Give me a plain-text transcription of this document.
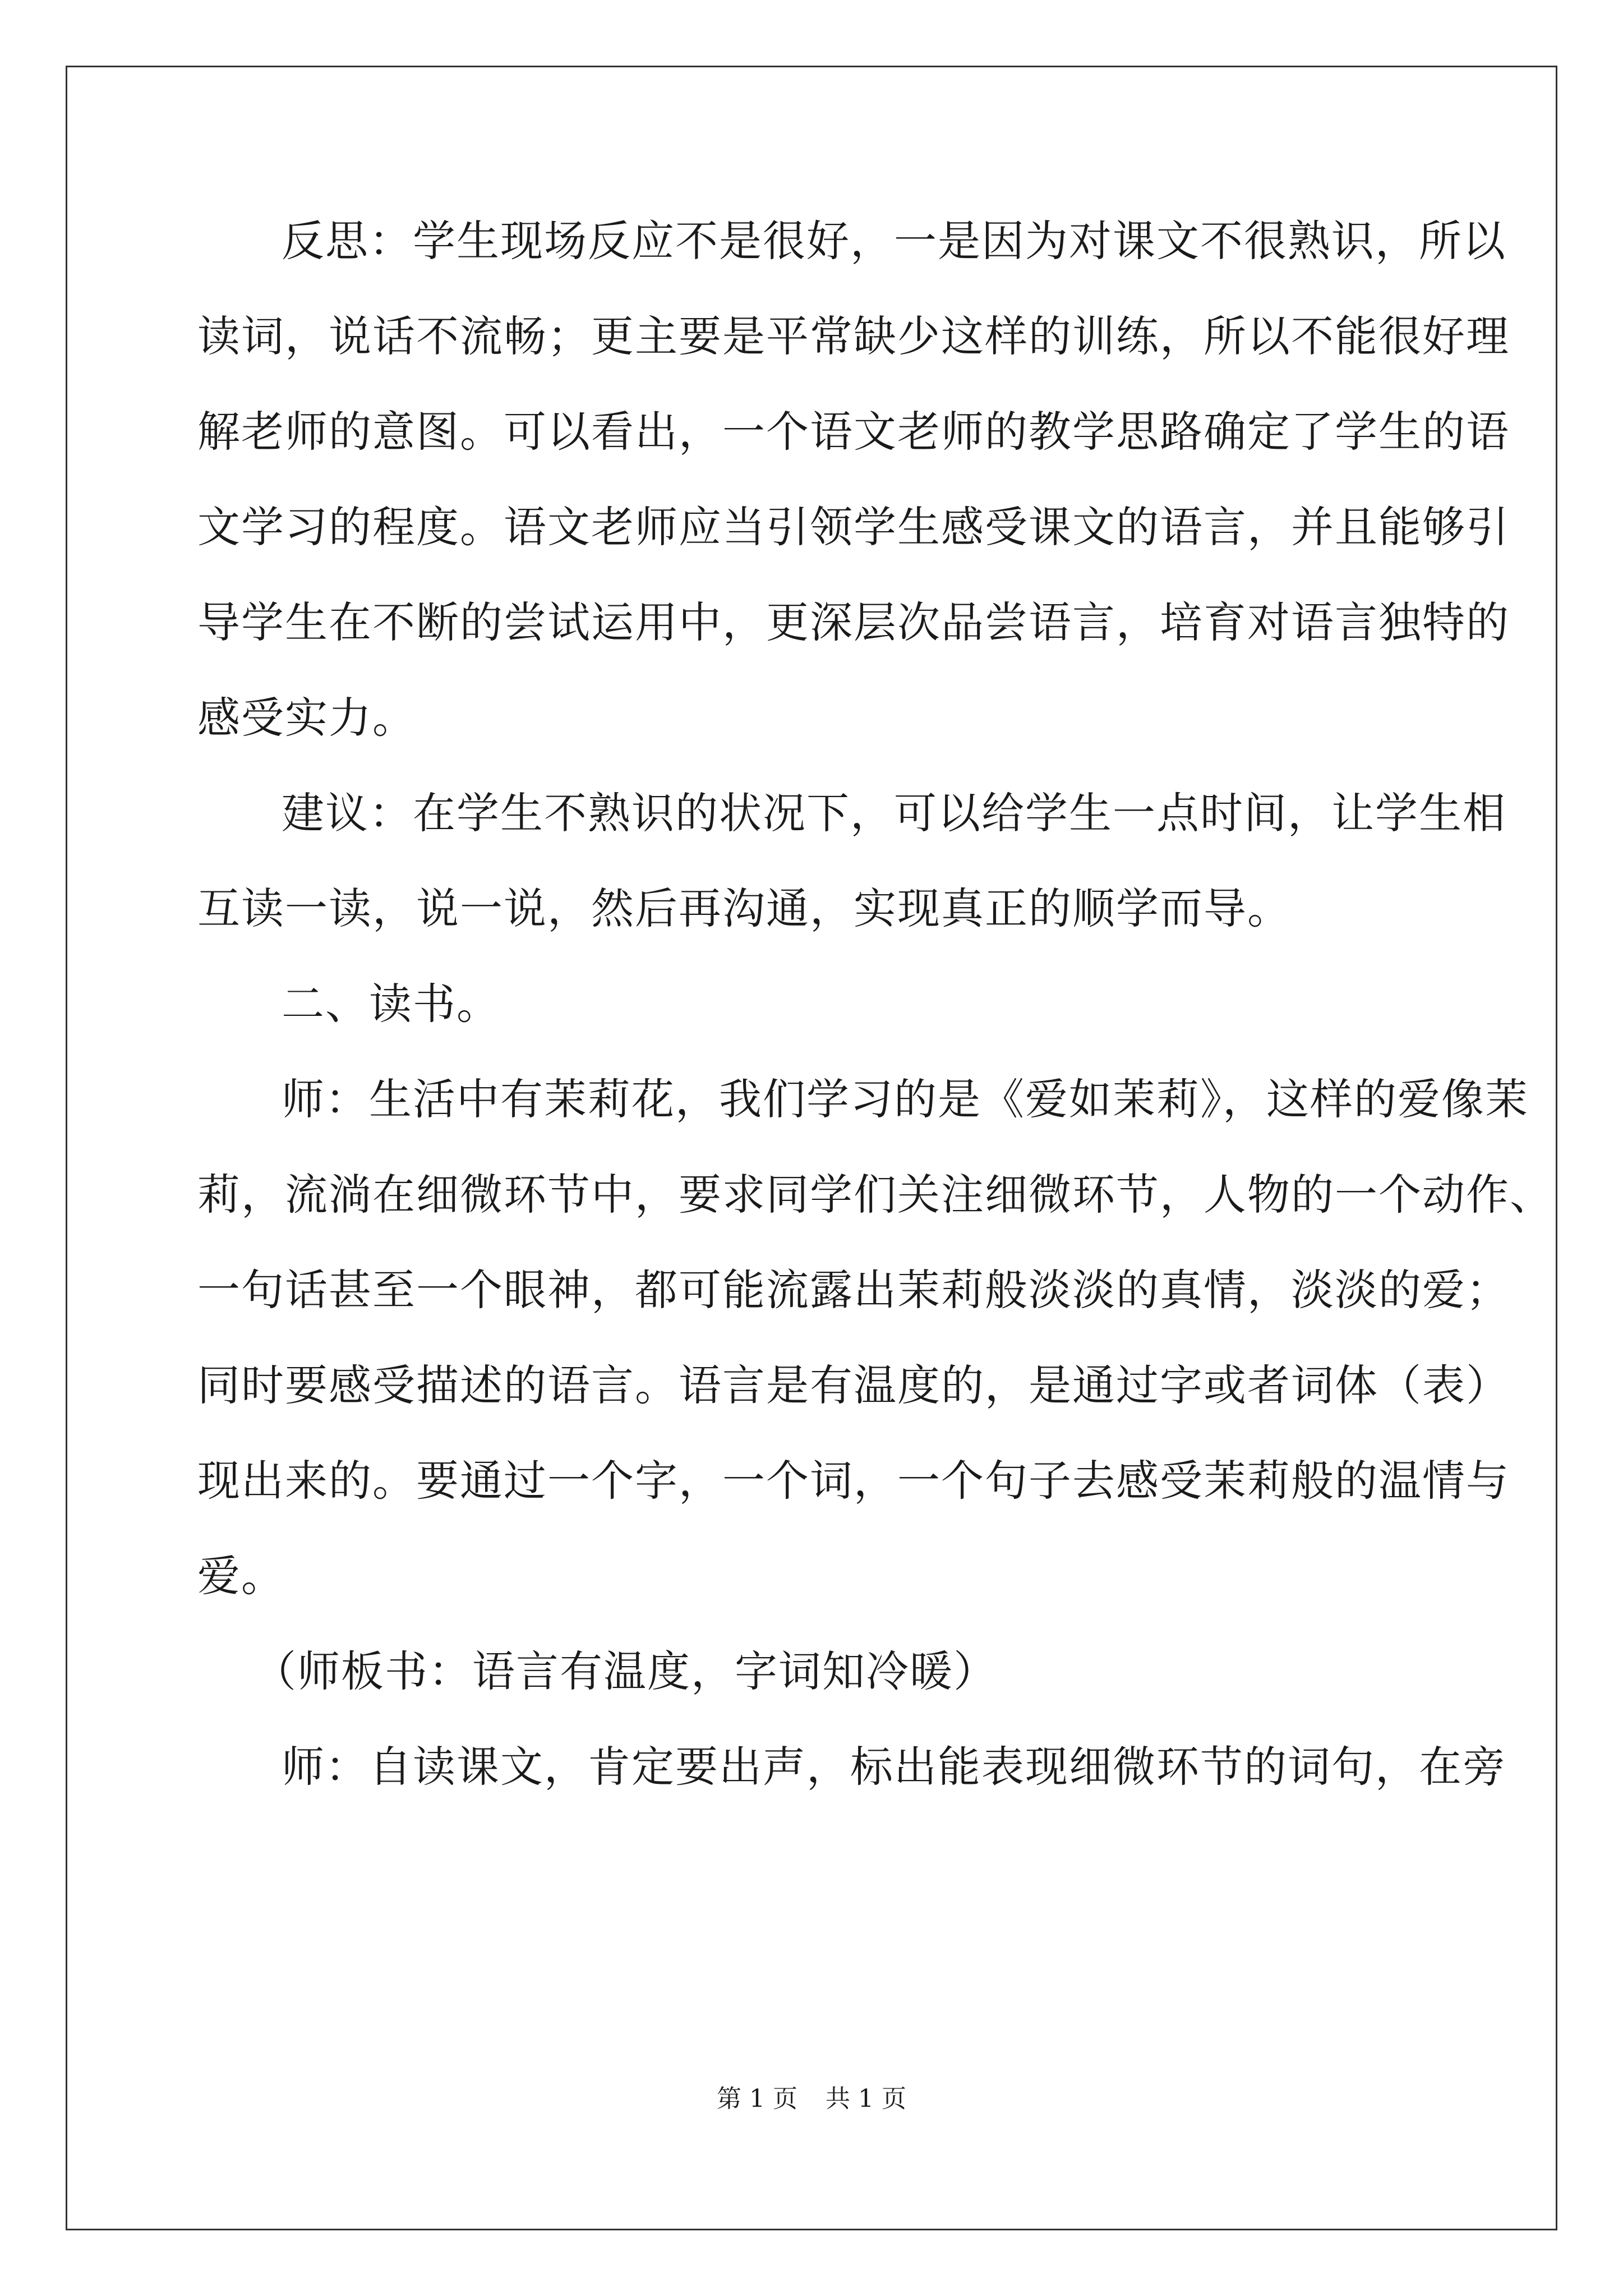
反思：学生现场反应不是很好，一是因为对课文不很熟识，所以
读词，说话不流畅；更主要是平常缺少这样的训练，所以不能很好理
解老师的意图。可以看出，一个语文老师的教学思路确定了学生的语
文学习的程度。语文老师应当引领学生感受课文的语言，并且能够引
导学生在不断的尝试运用中，更深层次品尝语言，培育对语言独特的
感受实力。
建议：在学生不熟识的状况下，可以给学生一点时间，让学生相
互读一读，说一说，然后再沟通，实现真正的顺学而导。
二、读书。
师：生活中有茉莉花，我们学习的是《爱如茉莉》，这样的爱像茉
莉，流淌在细微环节中，要求同学们关注细微环节，人物的一个动作、
一句话甚至一个眼神，都可能流露出茉莉般淡淡的真情，淡淡的爱；
同时要感受描述的语言。语言是有温度的，是通过字或者词体（表）
现出来的。要通过一个字，一个词，一个句子去感受茉莉般的温情与
爱。
（师板书：语言有温度，字词知冷暖）
师：自读课文，肯定要出声，标出能表现细微环节的词句，在旁
第 1 页 共 1 页
